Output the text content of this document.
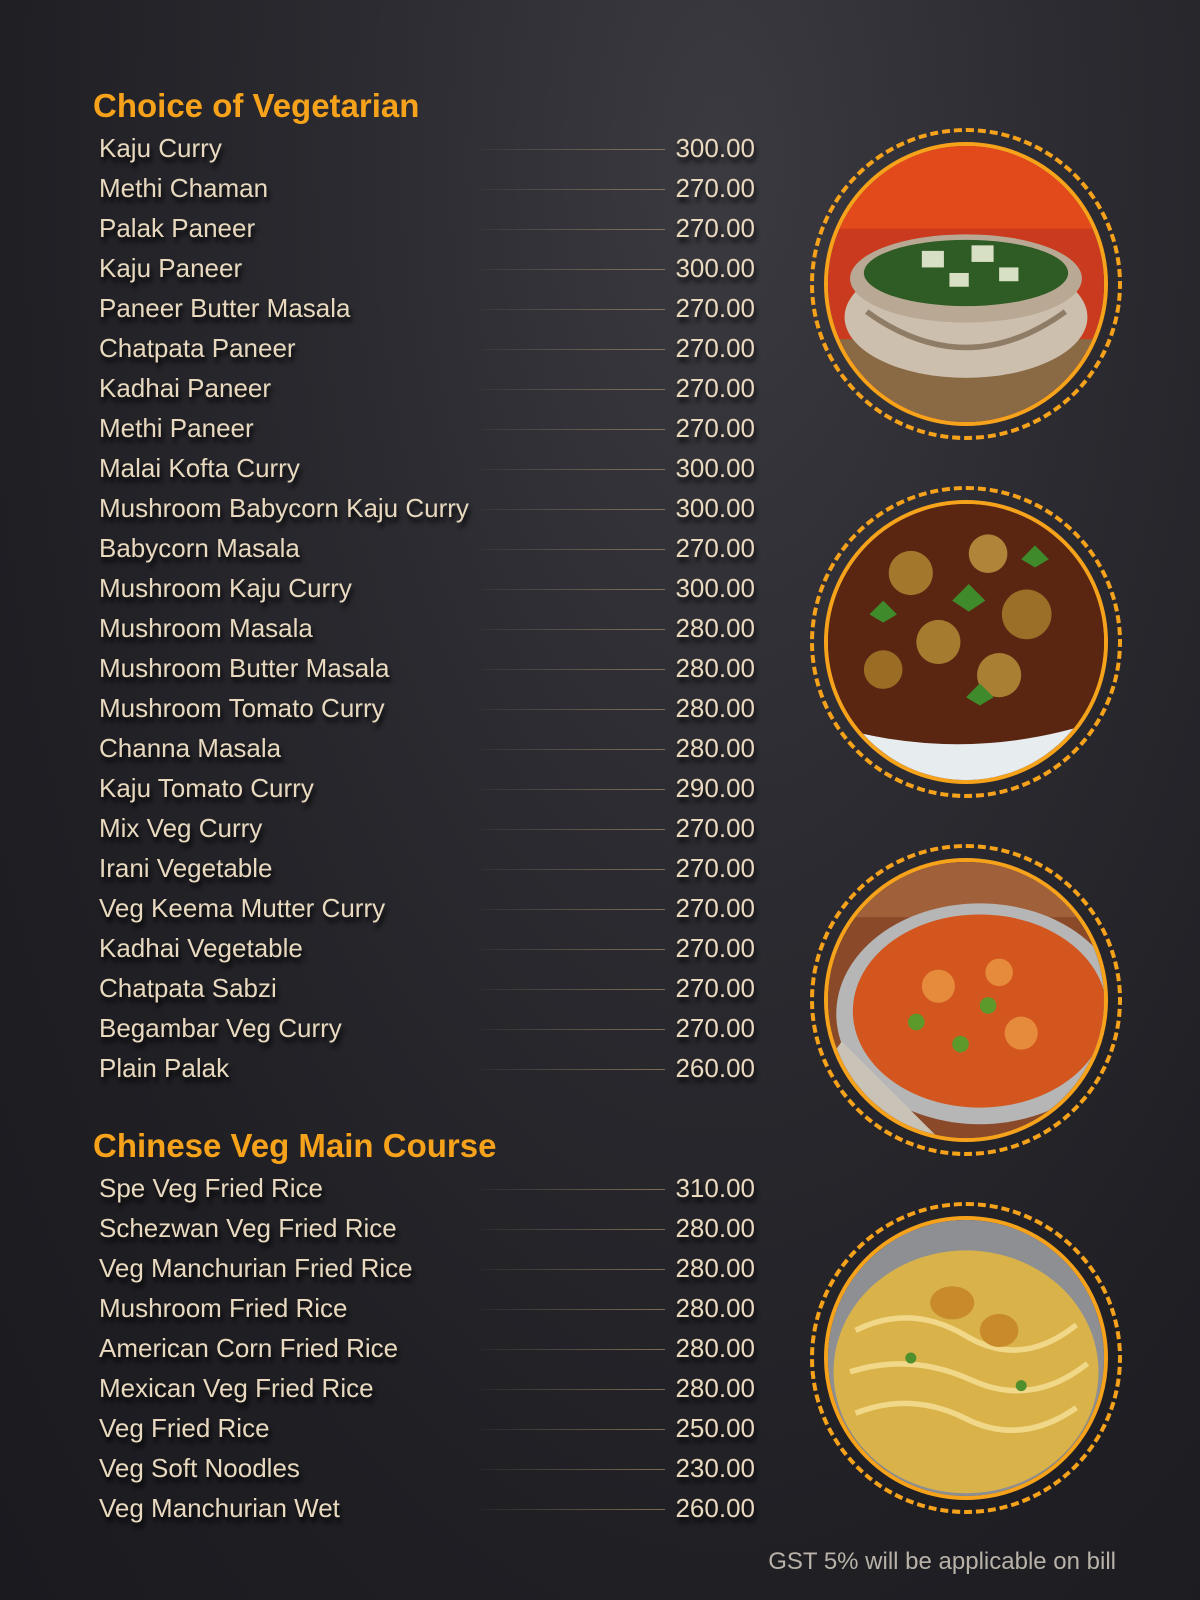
Choice of Vegetarian
Kaju Curry	300.00
Methi Chaman	270.00
Palak Paneer	270.00
Kaju Paneer	300.00
Paneer Butter Masala	270.00
Chatpata Paneer	270.00
Kadhai Paneer	270.00
Methi Paneer	270.00
Malai Kofta Curry	300.00
Mushroom Babycorn Kaju Curry	300.00
Babycorn Masala	270.00
Mushroom Kaju Curry	300.00
Mushroom Masala	280.00
Mushroom Butter Masala	280.00
Mushroom Tomato Curry	280.00
Channa Masala	280.00
Kaju Tomato Curry	290.00
Mix Veg Curry	270.00
Irani Vegetable	270.00
Veg Keema Mutter Curry	270.00
Kadhai Vegetable	270.00
Chatpata Sabzi	270.00
Begambar Veg Curry	270.00
Plain Palak	260.00
Chinese Veg Main Course
Spe Veg Fried Rice	310.00
Schezwan Veg Fried Rice	280.00
Veg Manchurian Fried Rice	280.00
Mushroom Fried Rice	280.00
American Corn Fried Rice	280.00
Mexican Veg Fried Rice	280.00
Veg Fried Rice	250.00
Veg Soft Noodles	230.00
Veg Manchurian Wet	260.00
GST 5% will be applicable on bill
